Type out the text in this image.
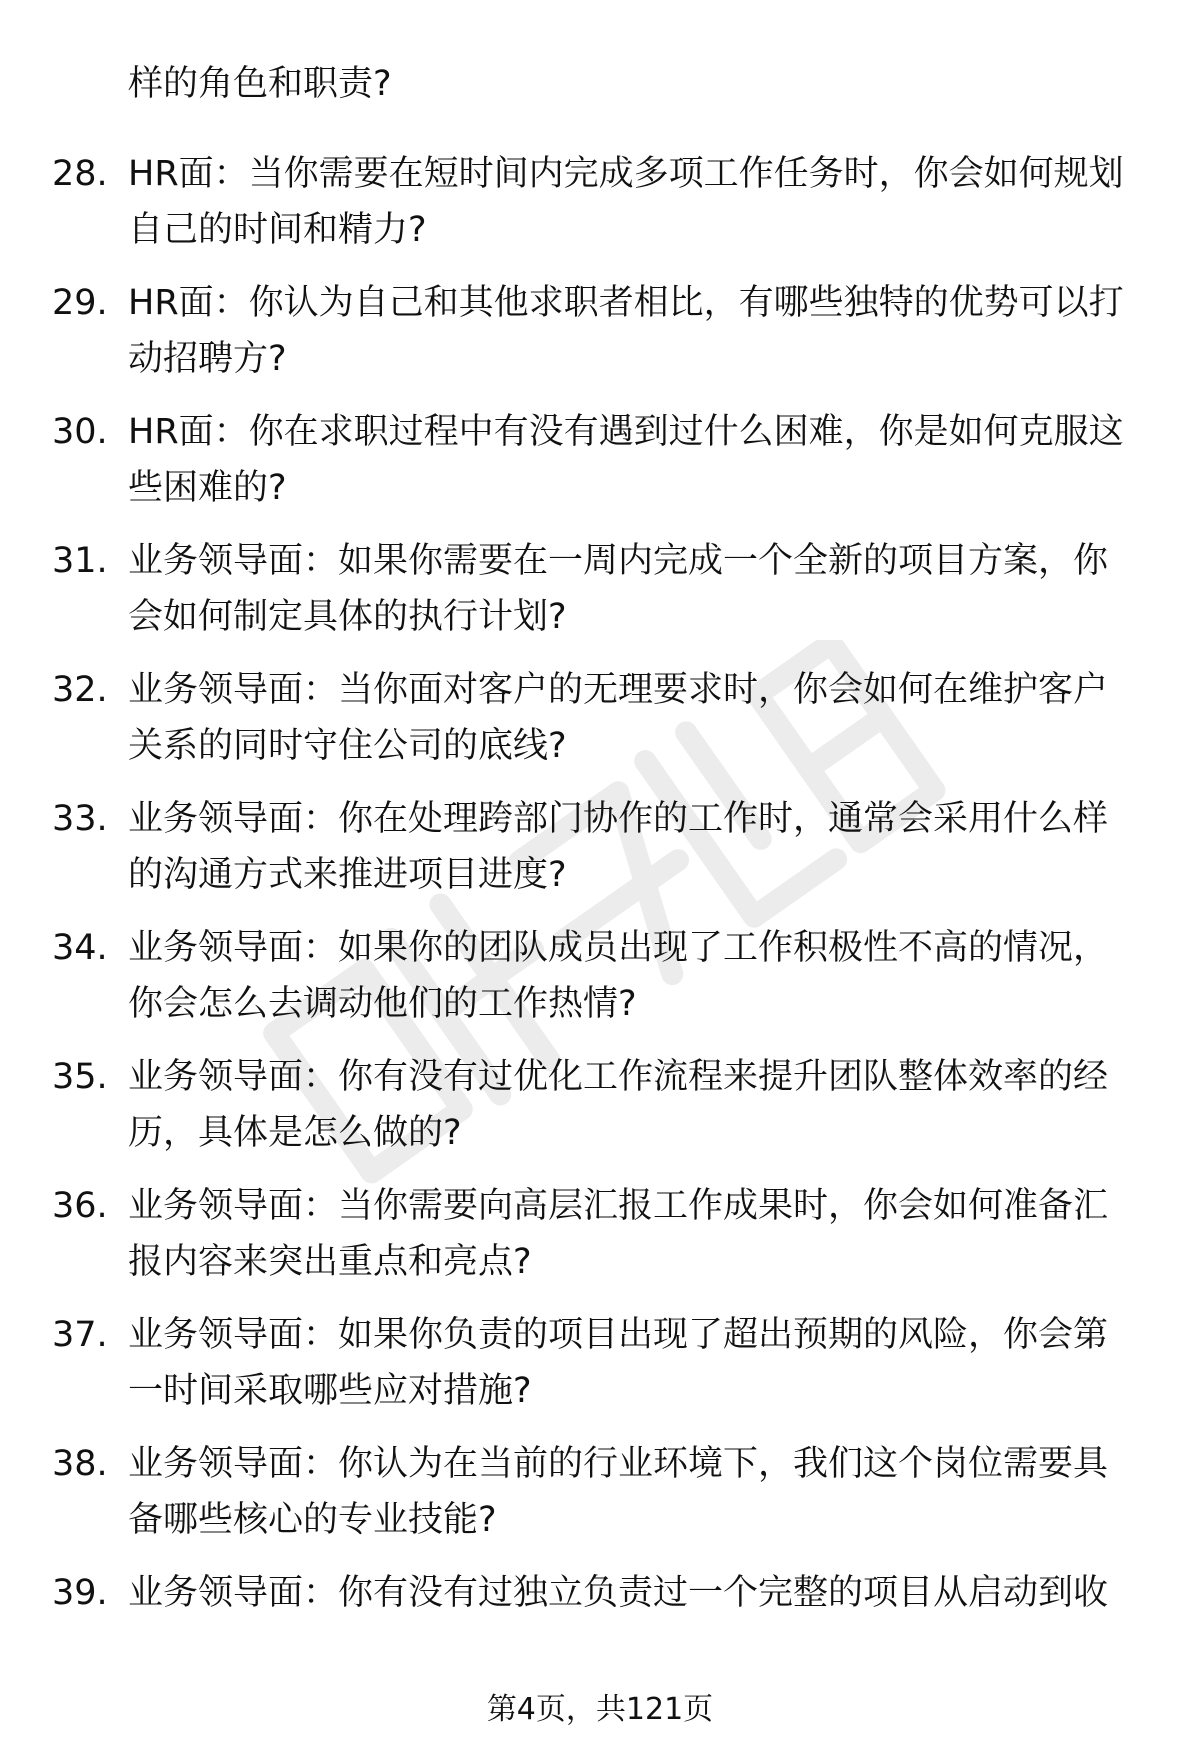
样的角色和职责?
28. HR面：当你需要在短时间内完成多项工作任务时，你会如何规划自己的时间和精力?
29. HR面：你认为自己和其他求职者相比，有哪些独特的优势可以打动招聘方?
30. HR面：你在求职过程中有没有遇到过什么困难，你是如何克服这些困难的?
31. 业务领导面：如果你需要在一周内完成一个全新的项目方案，你会如何制定具体的执行计划?
32. 业务领导面：当你面对客户的无理要求时，你会如何在维护客户关系的同时守住公司的底线?
33. 业务领导面：你在处理跨部门协作的工作时，通常会采用什么样的沟通方式来推进项目进度?
34. 业务领导面：如果你的团队成员出现了工作积极性不高的情况，你会怎么去调动他们的工作热情?
35. 业务领导面：你有没有过优化工作流程来提升团队整体效率的经历，具体是怎么做的?
36. 业务领导面：当你需要向高层汇报工作成果时，你会如何准备汇报内容来突出重点和亮点?
37. 业务领导面：如果你负责的项目出现了超出预期的风险，你会第一时间采取哪些应对措施?
38. 业务领导面：你认为在当前的行业环境下，我们这个岗位需要具备哪些核心的专业技能?
39. 业务领导面：你有没有过独立负责过一个完整的项目从启动到收
第4页，共121页
